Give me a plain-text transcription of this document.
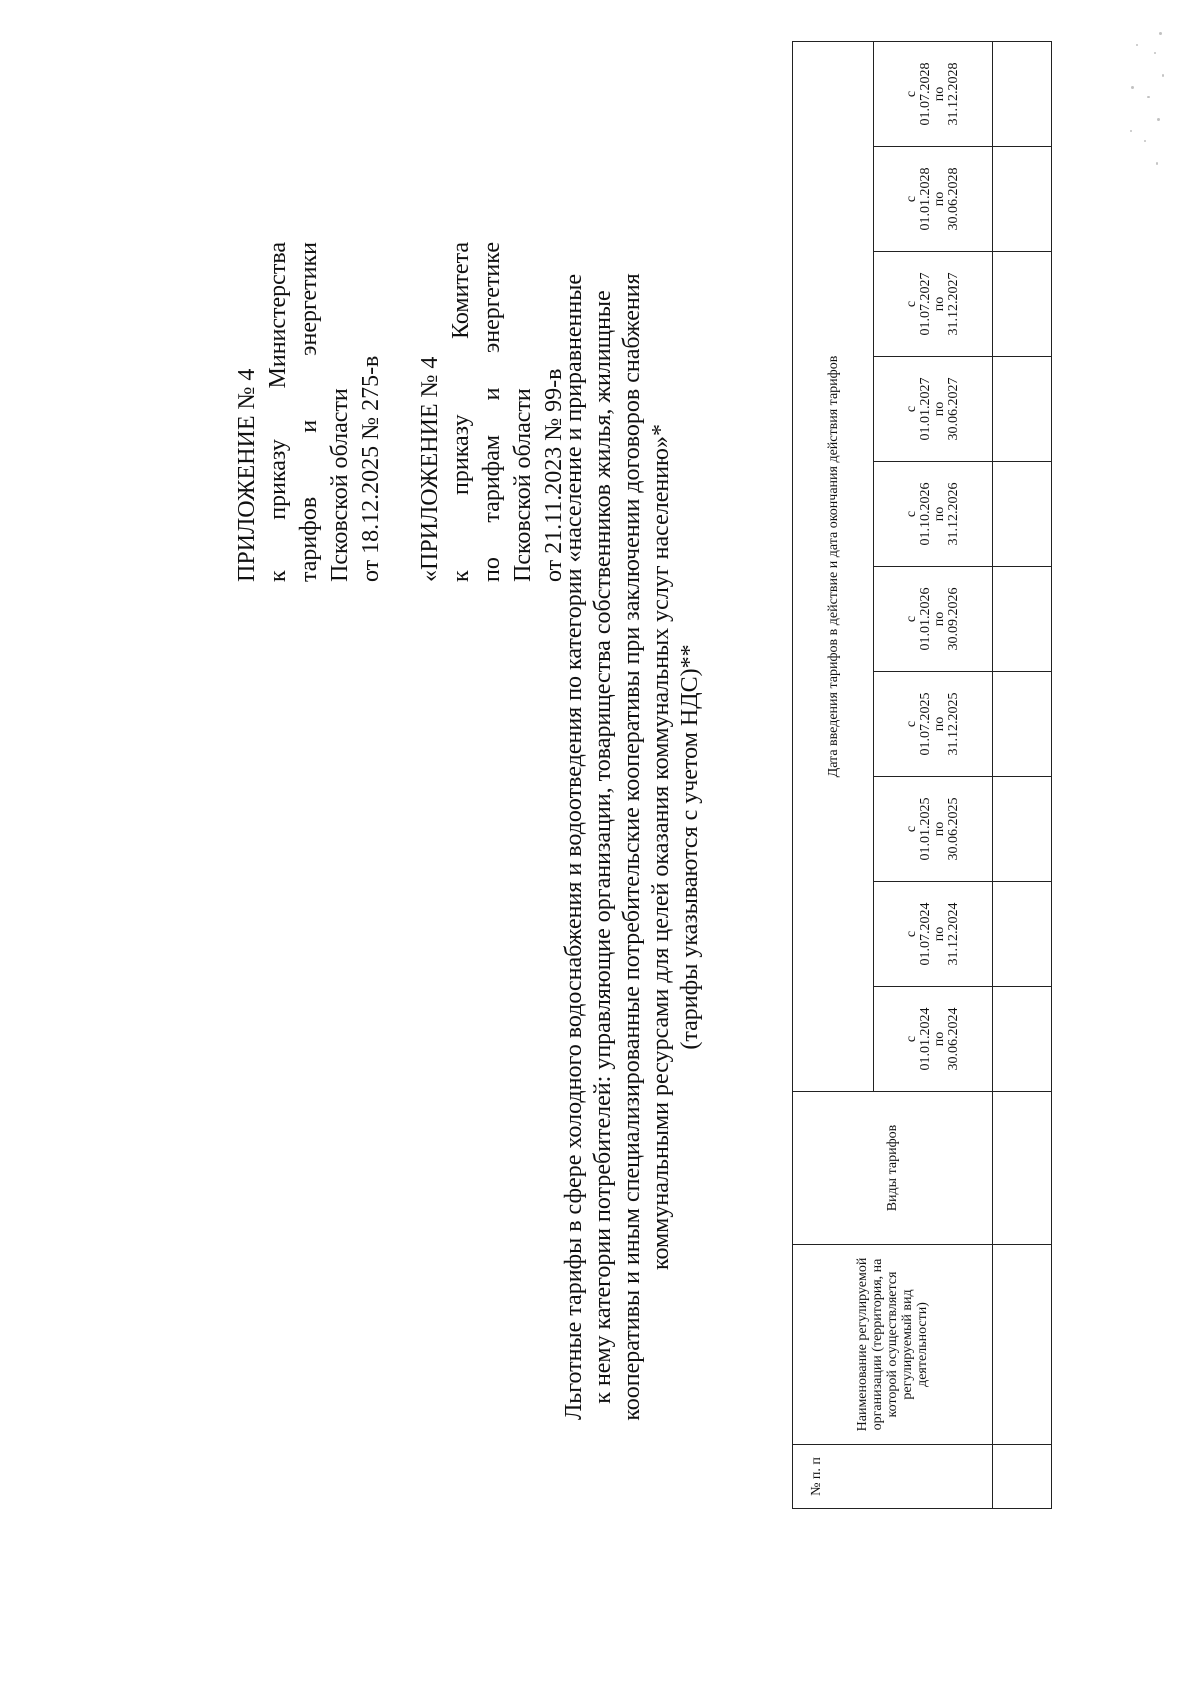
ПРИЛОЖЕНИЕ № 4 к приказу Министерства тарифов и энергетики Псковской области от 18.12.2025 № 275-в «ПРИЛОЖЕНИЕ № 4 к приказу Комитета по тарифам и энергетике Псковской области от 21.11.2023 № 99-в
Льготные тарифы в сфере холодного водоснабжения и водоотведения по категории «население и приравненные к нему категории потребителей: управляющие организации, товарищества собственников жилья, жилищные кооперативы и иным специализированные потребительские кооперативы при заключении договоров снабжения коммунальными ресурсами для целей оказания коммунальных услуг населению»* (тарифы указываются с учетом НДС)**
№ п. п	Наименование регулируемой организации (территория, на которой осуществляется регулируемый вид деятельности)	Виды тарифов	Дата введения тарифов в действие и дата окончания действия тарифов									

			с 01.01.2024 по 30.06.2024	с 01.07.2024 по 31.12.2024	с 01.01.2025 по 30.06.2025	с 01.07.2025 по 31.12.2025	с 01.01.2026 по 30.09.2026	с 01.10.2026 по 31.12.2026	с 01.01.2027 по 30.06.2027	с 01.07.2027 по 31.12.2027	с 01.01.2028 по 30.06.2028	с 01.07.2028 по 31.12.2028
